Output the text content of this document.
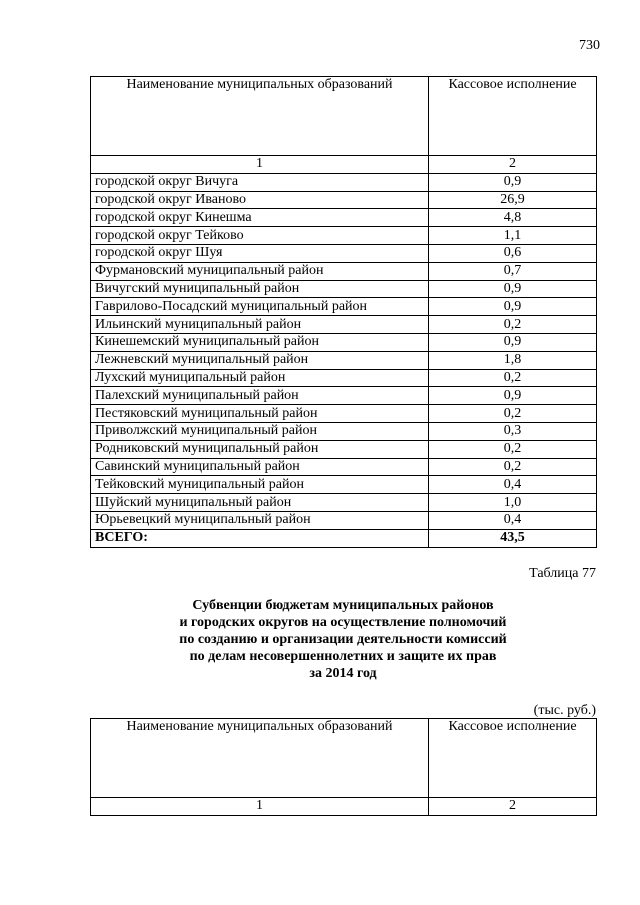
730
Наименование муниципальных образований	Кассовое исполнение
1	2
городской округ Вичуга	0,9
городской округ Иваново	26,9
городской округ Кинешма	4,8
городской округ Тейково	1,1
городской округ Шуя	0,6
Фурмановский муниципальный район	0,7
Вичугский муниципальный район	0,9
Гаврилово-Посадский муниципальный район	0,9
Ильинский муниципальный район	0,2
Кинешемский муниципальный район	0,9
Лежневский муниципальный район	1,8
Лухский муниципальный район	0,2
Палехский муниципальный район	0,9
Пестяковский муниципальный район	0,2
Приволжский муниципальный район	0,3
Родниковский муниципальный район	0,2
Савинский муниципальный район	0,2
Тейковский муниципальный район	0,4
Шуйский муниципальный район	1,0
Юрьевецкий муниципальный район	0,4
ВСЕГО:	43,5
Таблица 77
Субвенции бюджетам муниципальных районов
и городских округов на осуществление полномочий
по созданию и организации деятельности комиссий
по делам несовершеннолетних и защите их прав
за 2014 год
(тыс. руб.)
Наименование муниципальных образований	Кассовое исполнение
1	2
